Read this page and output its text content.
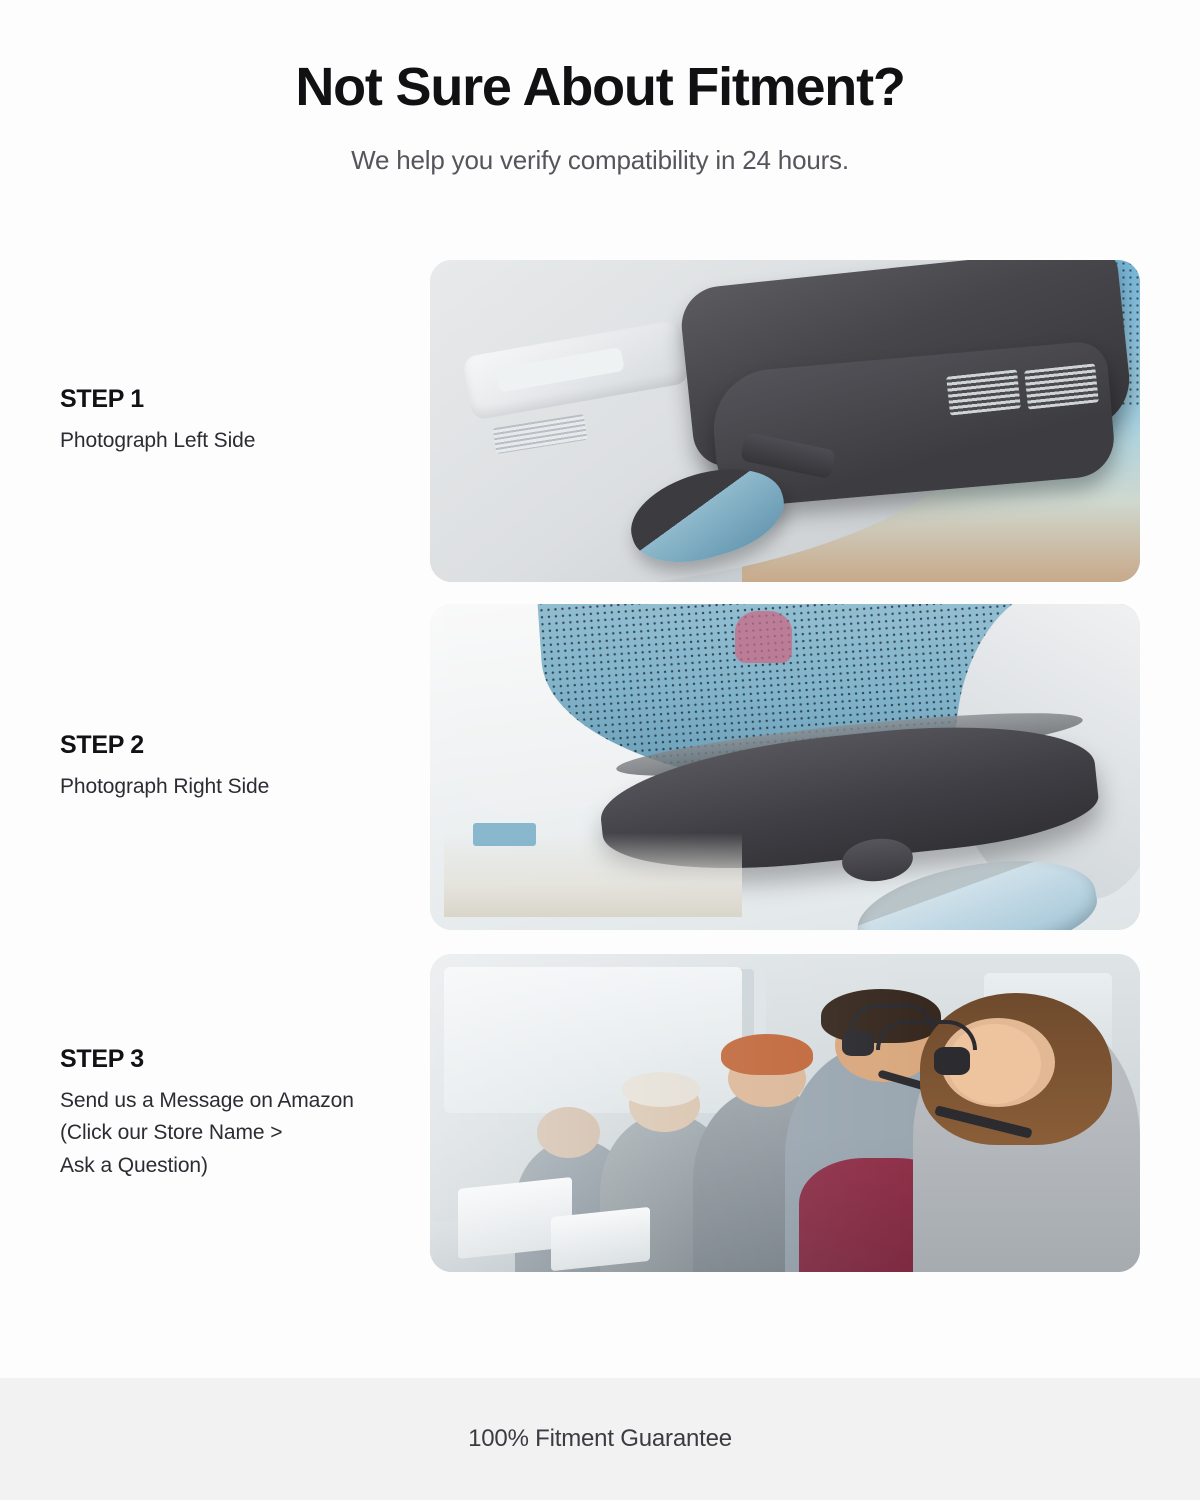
Not Sure About Fitment?

We help you verify compatibility in 24 hours.

STEP 1
Photograph Left Side
STEP 2
Photograph Right Side
STEP 3
Send us a Message on Amazon
(Click our Store Name >
Ask a Question)
100% Fitment Guarantee
